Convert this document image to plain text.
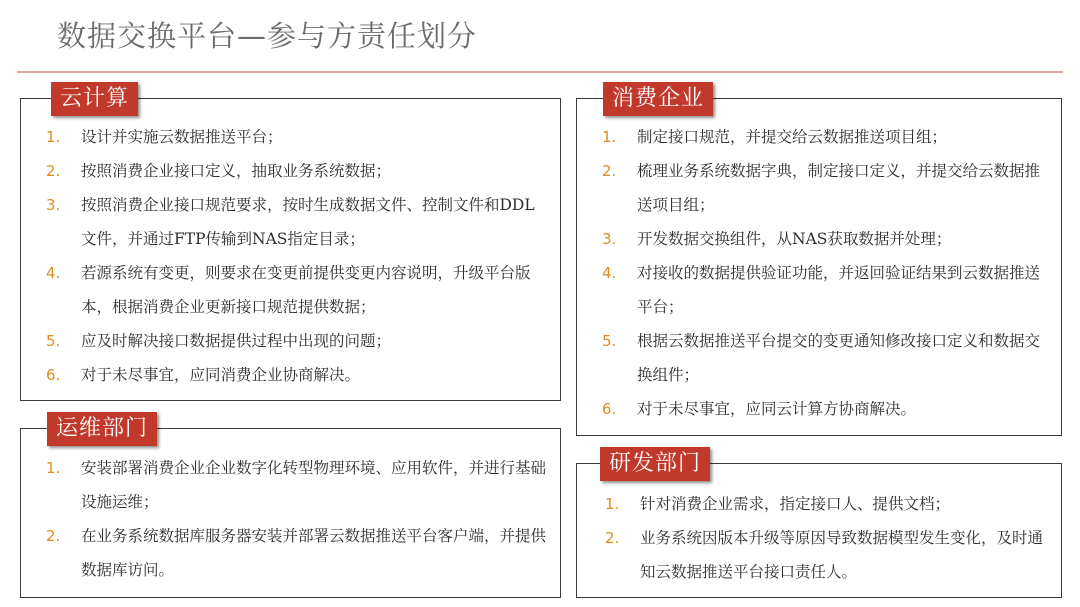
数据交换平台—参与方责任划分
云计算
1. 设计并实施云数据推送平台；
2. 按照消费企业接口定义，抽取业务系统数据；
3. 按照消费企业接口规范要求，按时生成数据文件、控制文件和DDL文件，并通过FTP传输到NAS指定目录；
4. 若源系统有变更，则要求在变更前提供变更内容说明，升级平台版本，根据消费企业更新接口规范提供数据；
5. 应及时解决接口数据提供过程中出现的问题；
6. 对于未尽事宜，应同消费企业协商解决。
运维部门
1. 安装部署消费企业企业数字化转型物理环境、应用软件，并进行基础设施运维；
2. 在业务系统数据库服务器安装并部署云数据推送平台客户端，并提供数据库访问。
消费企业
1. 制定接口规范，并提交给云数据推送项目组；
2. 梳理业务系统数据字典，制定接口定义，并提交给云数据推送项目组；
3. 开发数据交换组件，从NAS获取数据并处理；
4. 对接收的数据提供验证功能，并返回验证结果到云数据推送平台；
5. 根据云数据推送平台提交的变更通知修改接口定义和数据交换组件；
6. 对于未尽事宜，应同云计算方协商解决。
研发部门
1. 针对消费企业需求，指定接口人、提供文档；
2. 业务系统因版本升级等原因导致数据模型发生变化，及时通知云数据推送平台接口责任人。
